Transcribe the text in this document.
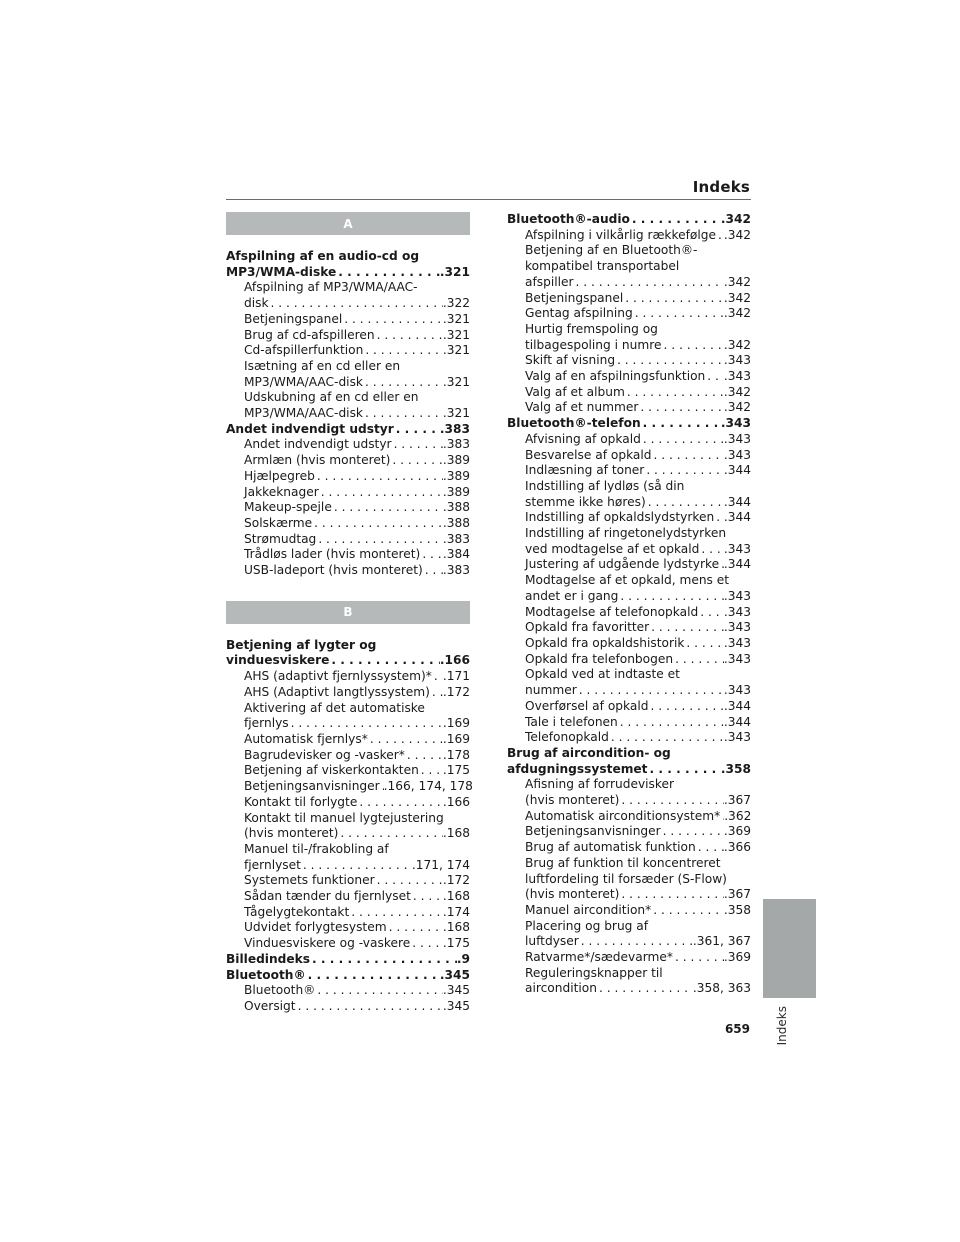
Indeks
A
Afspilning af en audio-cd og
MP3/WMA-diske . . .	.321
Afspilning af MP3/WMA/AAC-
disk . . .	.322
Betjeningspanel . . .	.321
Brug af cd-afspilleren . . .	.321
Cd-afspillerfunktion . . .	.321
Isætning af en cd eller en
MP3/WMA/AAC-disk . . .	.321
Udskubning af en cd eller en
MP3/WMA/AAC-disk . . .	.321
Andet indvendigt udstyr . . .	.383
Andet indvendigt udstyr . . .	.383
Armlæn (hvis monteret) . . .	.389
Hjælpegreb . . .	.389
Jakkeknager . . .	.389
Makeup-spejle . . .	.388
Solskærme . . .	.388
Strømudtag . . .	.383
Trådløs lader (hvis monteret) . . . .384
USB-ladeport (hvis monteret) . . . .383
B
Betjening af lygter og
vinduesviskere . . .	.166
AHS (adaptivt fjernlyssystem)* . . . .171
AHS (Adaptivt langtlyssystem) . . . .172
Aktivering af det automatiske
fjernlys . . .	.169
Automatisk fjernlys* . . .	.169
Bagrudevisker og -vasker* . . .	.178
Betjening af viskerkontakten . . . .175
Betjeningsanvisninger . . . .166, 174, 178
Kontakt til forlygte . . .	.166
Kontakt til manuel lygtejustering
(hvis monteret) . . .	.168
Manuel til-/frakobling af
fjernlyset . . .	.171, 174
Systemets funktioner . . .	.172
Sådan tænder du fjernlyset . . .	.168
Tågelygtekontakt . . .	.174
Udvidet forlygtesystem . . .	.168
Vinduesviskere og -vaskere . . .	.175
Billedindeks . . .	.9
Bluetooth® . . .	.345
Bluetooth® . . .	.345
Oversigt . . .	.345
Bluetooth®-audio . . .	.342
Afspilning i vilkårlig rækkefølge . . . .342
Betjening af en Bluetooth®-
kompatibel transportabel
afspiller . . .	.342
Betjeningspanel . . .	.342
Gentag afspilning . . .	.342
Hurtig fremspoling og
tilbagespoling i numre . . .	.342
Skift af visning . . .	.343
Valg af en afspilningsfunktion . . . .343
Valg af et album . . .	.342
Valg af et nummer . . .	.342
Bluetooth®-telefon . . .	.343
Afvisning af opkald . . .	.343
Besvarelse af opkald . . .	.343
Indlæsning af toner . . .	.344
Indstilling af lydløs (så din
stemme ikke høres) . . .	.344
Indstilling af opkaldslydstyrken . . . .344
Indstilling af ringetonelydstyrken
ved modtagelse af et opkald . . . .343
Justering af udgående lydstyrke . . . .344
Modtagelse af et opkald, mens et
andet er i gang . . .	.343
Modtagelse af telefonopkald . . . .343
Opkald fra favoritter . . .	.343
Opkald fra opkaldshistorik . . .	.343
Opkald fra telefonbogen . . .	.343
Opkald ved at indtaste et
nummer . . .	.343
Overførsel af opkald . . .	.344
Tale i telefonen . . .	.344
Telefonopkald . . .	.343
Brug af aircondition- og
afdugningssystemet . . .	.358
Afisning af forrudevisker
(hvis monteret) . . .	.367
Automatisk airconditionsystem* . . . .362
Betjeningsanvisninger . . .	.369
Brug af automatisk funktion . . . .366
Brug af funktion til koncentreret
luftfordeling til forsæder (S-Flow)
(hvis monteret) . . .	.367
Manuel aircondition* . . .	.358
Placering og brug af
luftdyser . . .	.361, 367
Ratvarme*/sædevarme* . . .	.369
Reguleringsknapper til
aircondition . . .	.358, 363
Indeks
659
